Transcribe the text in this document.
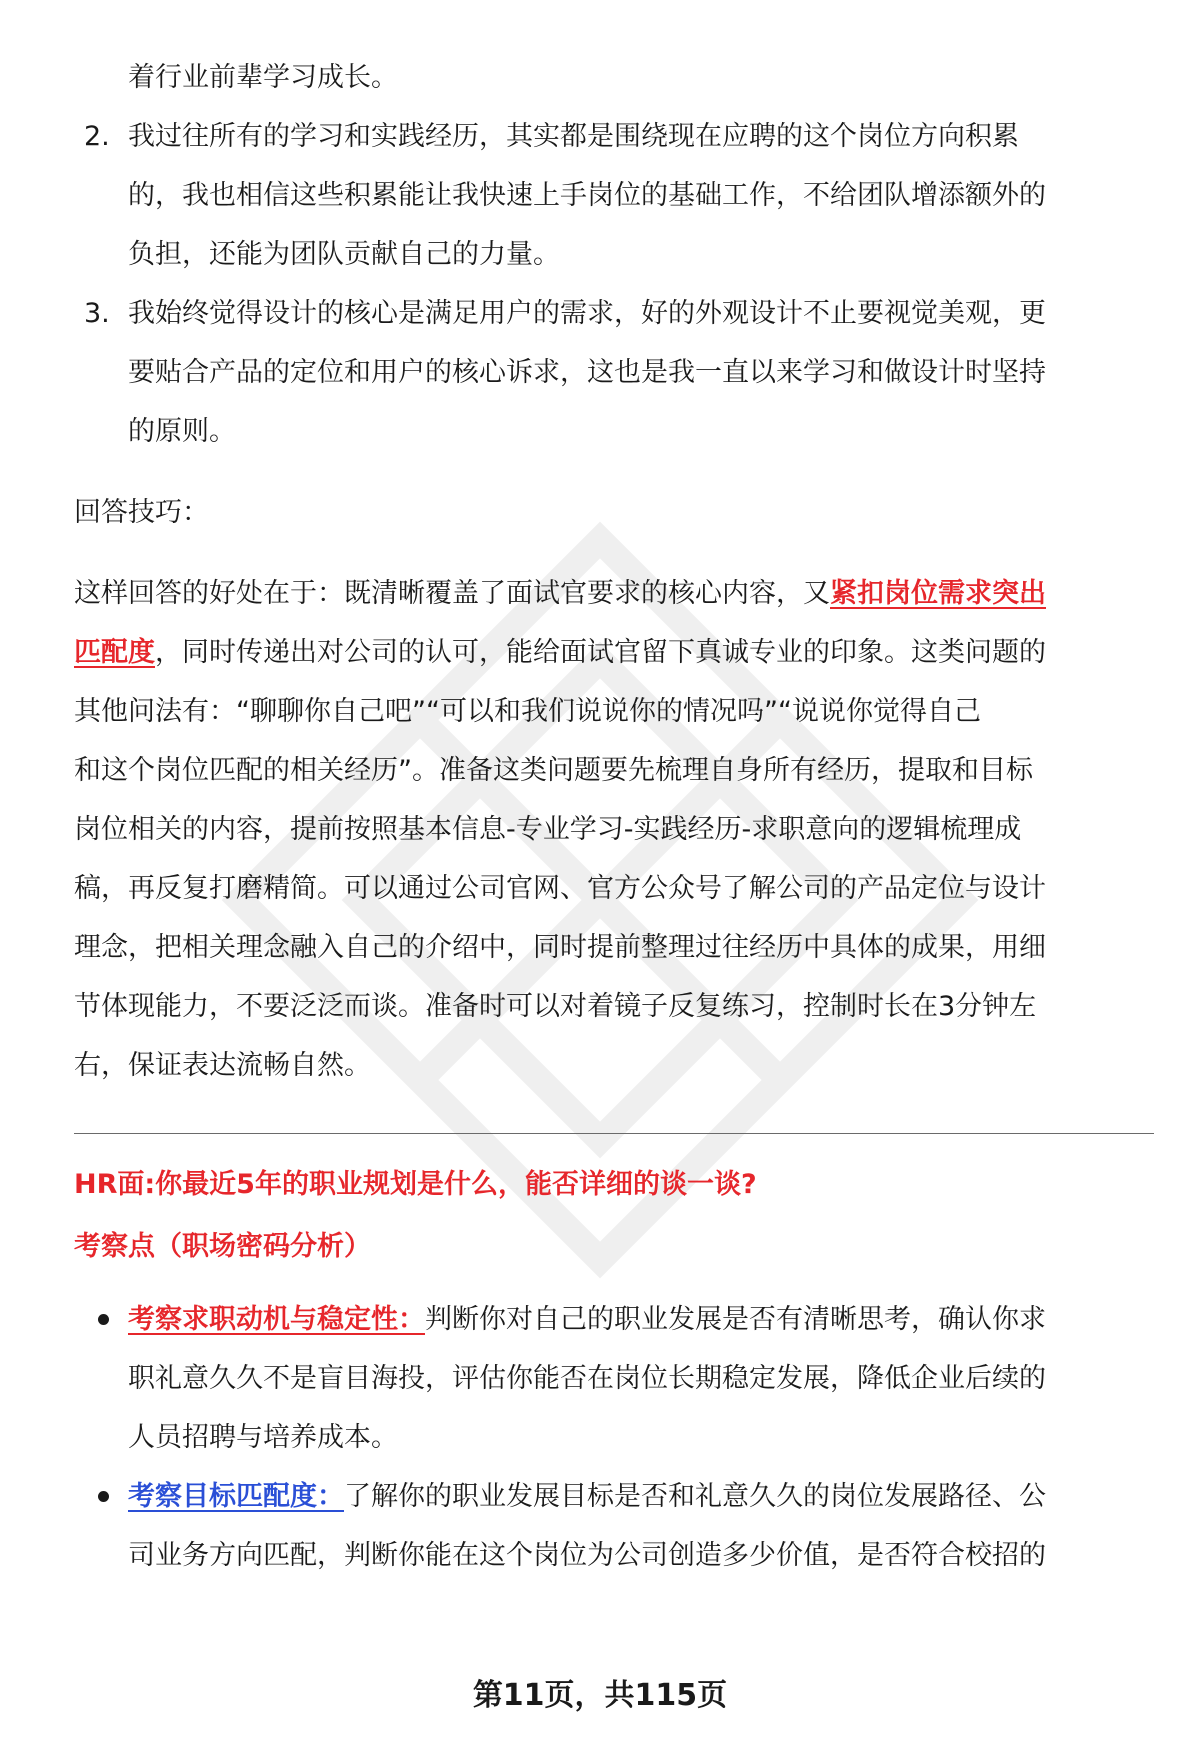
着行业前辈学习成长。
2. 我过往所有的学习和实践经历，其实都是围绕现在应聘的这个岗位方向积累
的，我也相信这些积累能让我快速上手岗位的基础工作，不给团队增添额外的
负担，还能为团队贡献自己的力量。
3. 我始终觉得设计的核心是满足用户的需求，好的外观设计不止要视觉美观，更
要贴合产品的定位和用户的核心诉求，这也是我一直以来学习和做设计时坚持
的原则。

回答技巧：

这样回答的好处在于：既清晰覆盖了面试官要求的核心内容，又紧扣岗位需求突出
匹配度，同时传递出对公司的认可，能给面试官留下真诚专业的印象。这类问题的
其他问法有：“聊聊你自己吧”“可以和我们说说你的情况吗”“说说你觉得自己
和这个岗位匹配的相关经历”。准备这类问题要先梳理自身所有经历，提取和目标
岗位相关的内容，提前按照基本信息-专业学习-实践经历-求职意向的逻辑梳理成
稿，再反复打磨精简。可以通过公司官网、官方公众号了解公司的产品定位与设计
理念，把相关理念融入自己的介绍中，同时提前整理过往经历中具体的成果，用细
节体现能力，不要泛泛而谈。准备时可以对着镜子反复练习，控制时长在3分钟左
右，保证表达流畅自然。

HR面:你最近5年的职业规划是什么，能否详细的谈一谈?

考察点（职场密码分析）

考察求职动机与稳定性：判断你对自己的职业发展是否有清晰思考，确认你求
职礼意久久不是盲目海投，评估你能否在岗位长期稳定发展，降低企业后续的
人员招聘与培养成本。
考察目标匹配度：了解你的职业发展目标是否和礼意久久的岗位发展路径、公
司业务方向匹配，判断你能在这个岗位为公司创造多少价值，是否符合校招的
第11页，共115页
